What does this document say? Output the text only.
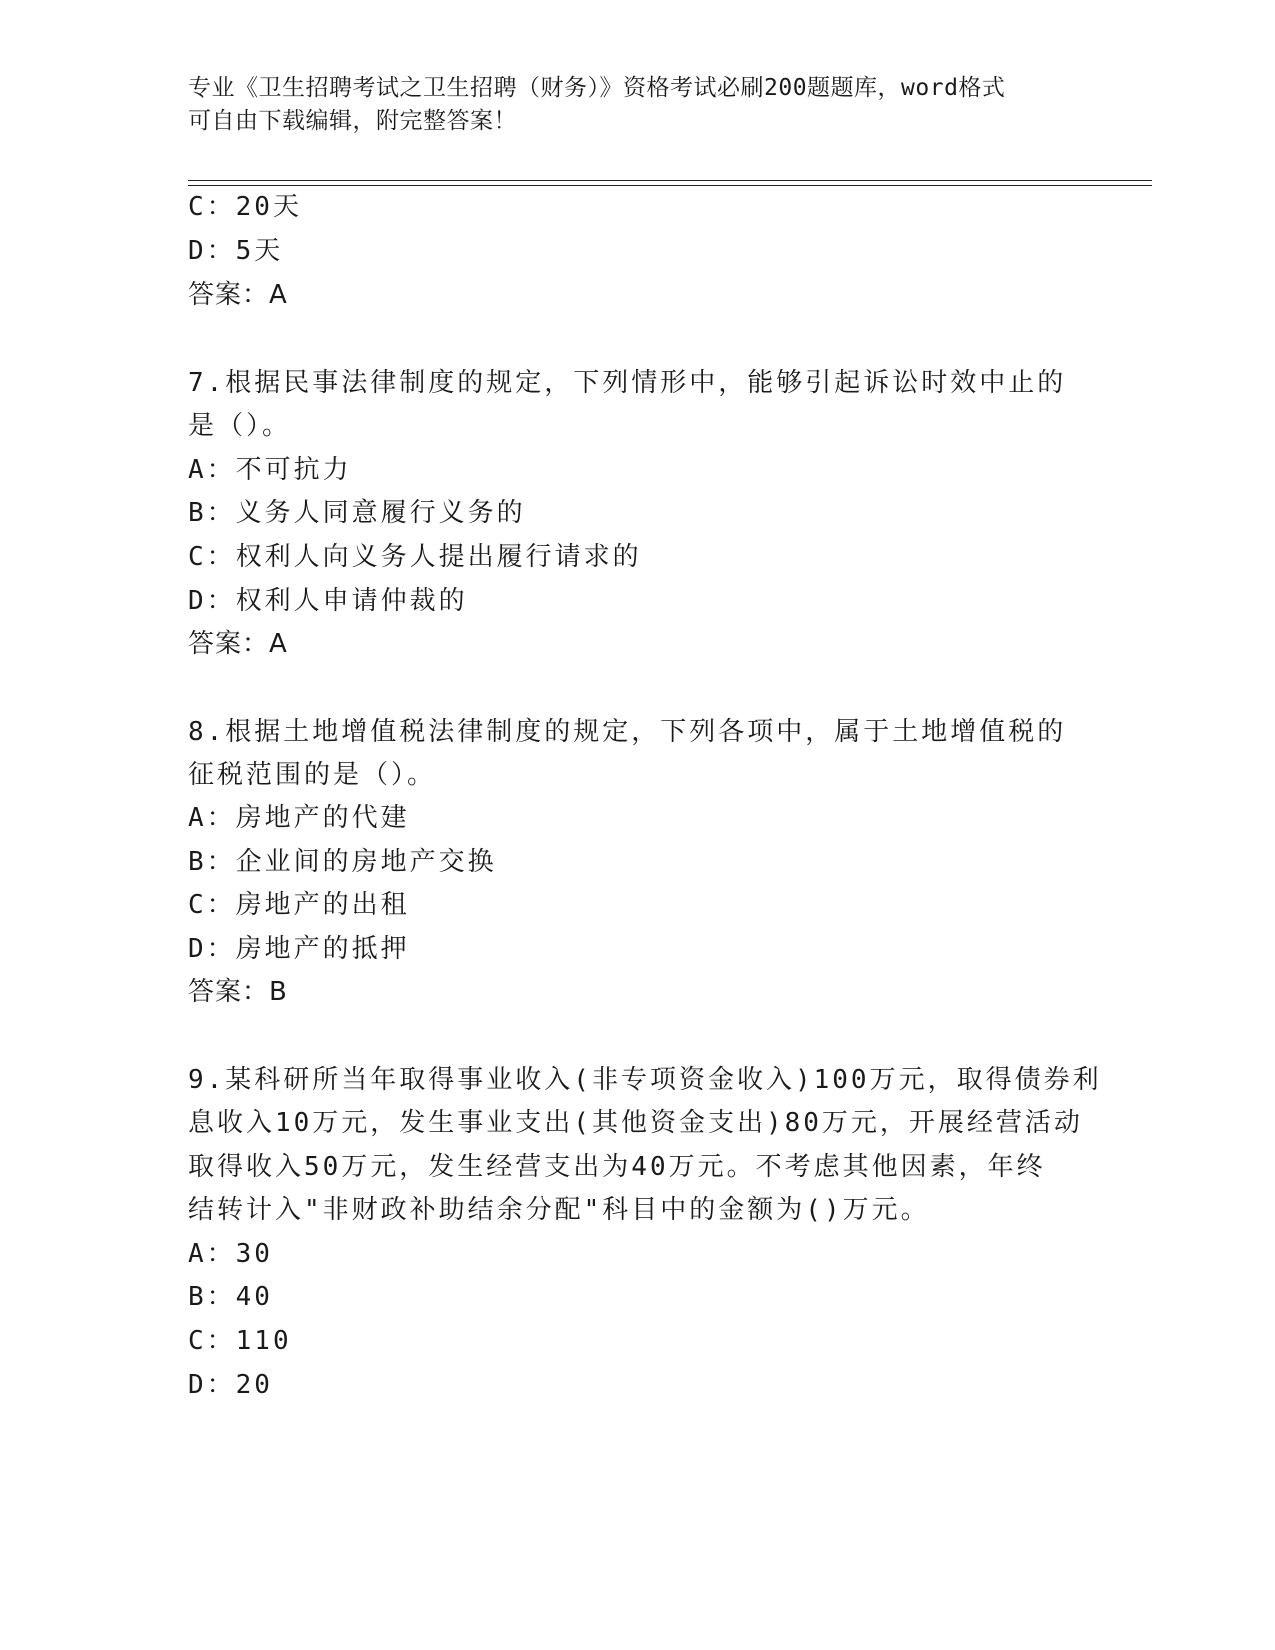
专业《卫生招聘考试之卫生招聘（财务）》资格考试必刷200题题库，word格式
可自由下载编辑，附完整答案！
C：20天
D：5天
答案：A
7.根据民事法律制度的规定，下列情形中，能够引起诉讼时效中止的
是（）。
A：不可抗力
B：义务人同意履行义务的
C：权利人向义务人提出履行请求的
D：权利人申请仲裁的
答案：A
8.根据土地增值税法律制度的规定，下列各项中，属于土地增值税的
征税范围的是（）。
A：房地产的代建
B：企业间的房地产交换
C：房地产的出租
D：房地产的抵押
答案：B
9.某科研所当年取得事业收入(非专项资金收入)100万元，取得债券利
息收入10万元，发生事业支出(其他资金支出)80万元，开展经营活动
取得收入50万元，发生经营支出为40万元。不考虑其他因素，年终
结转计入"非财政补助结余分配"科目中的金额为()万元。
A：30
B：40
C：110
D：20
